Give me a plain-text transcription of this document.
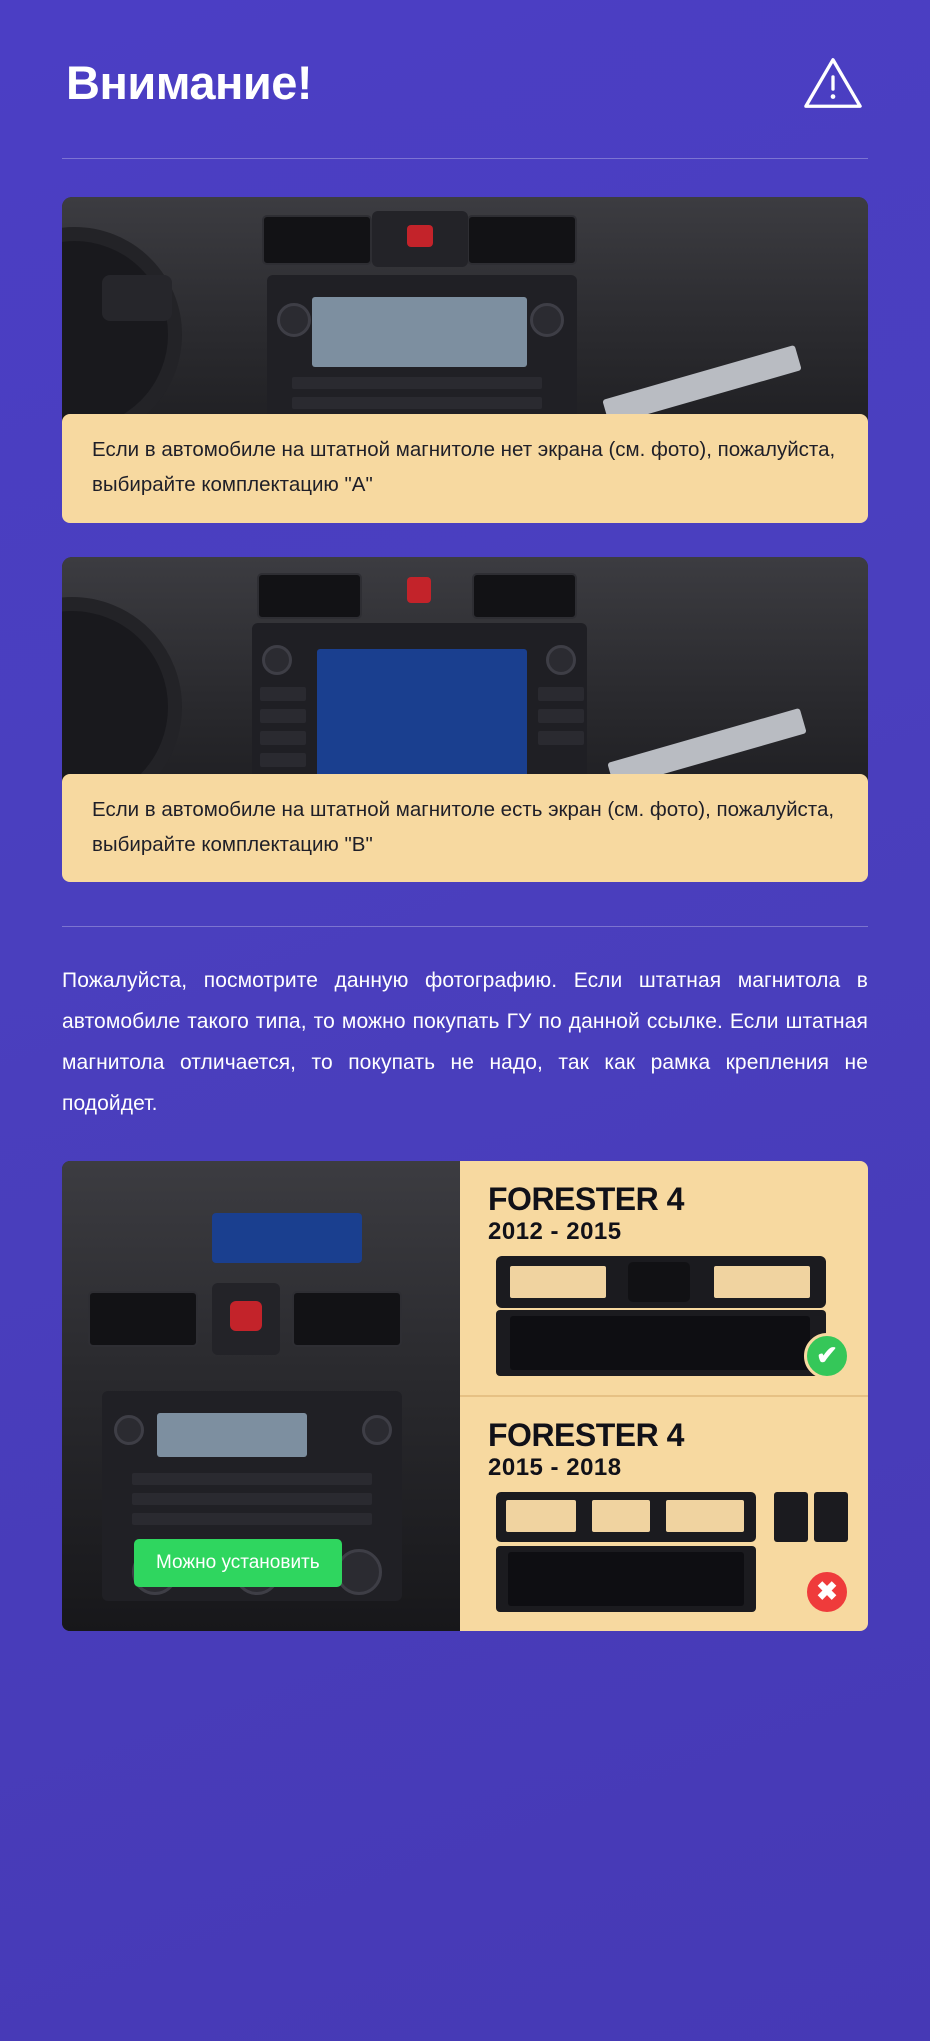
Внимание!
Если в автомобиле на штатной магнитоле нет экрана (см. фото), пожалуйста, выбирайте комплектацию "A"
Если в автомобиле на штатной магнитоле есть экран (см. фото), пожалуйста, выбирайте комплектацию "B"
Пожалуйста, посмотрите данную фотографию. Если штатная магнитола в автомобиле такого типа, то можно покупать ГУ по данной ссылке. Если штатная магнитола отличается, то покупать не надо, так как рамка крепления не подойдет.
Можно установить
FORESTER 4
2012 - 2015
✔
FORESTER 4
2015 - 2018
✖
